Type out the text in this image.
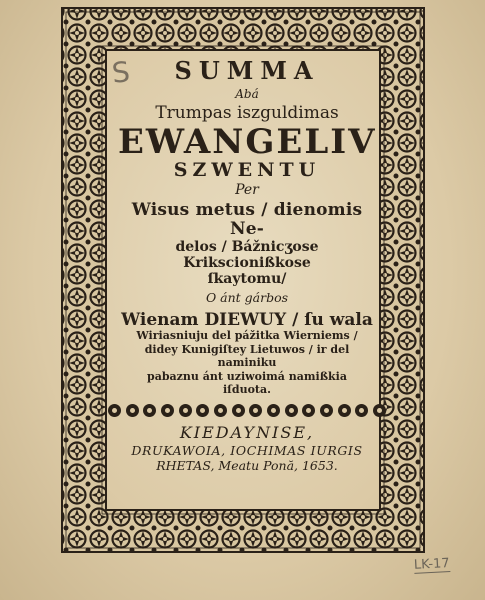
S	SUMMA
Abá
Trumpas iszguldimas
EWANGELIV
SZWENTU
Per
Wisus metus / dienomis Ne-
delos / Bážnicʒose Krikscionißkose
ſkaytomu/
O ánt gárbos
Wienam DIEWUY / ſu wala
Wiriasniuju del pážitka Wierniems /
didey Kunigiſtey Lietuwos / ir del naminiku
pabaznu ánt uziwoimá namißkia
iſduota.
KIEDAYNISE,
DRUKAWOIA, IOCHIMAS IURGIS
RHETAS, Meatu Ponă, 1653.
LK-17
